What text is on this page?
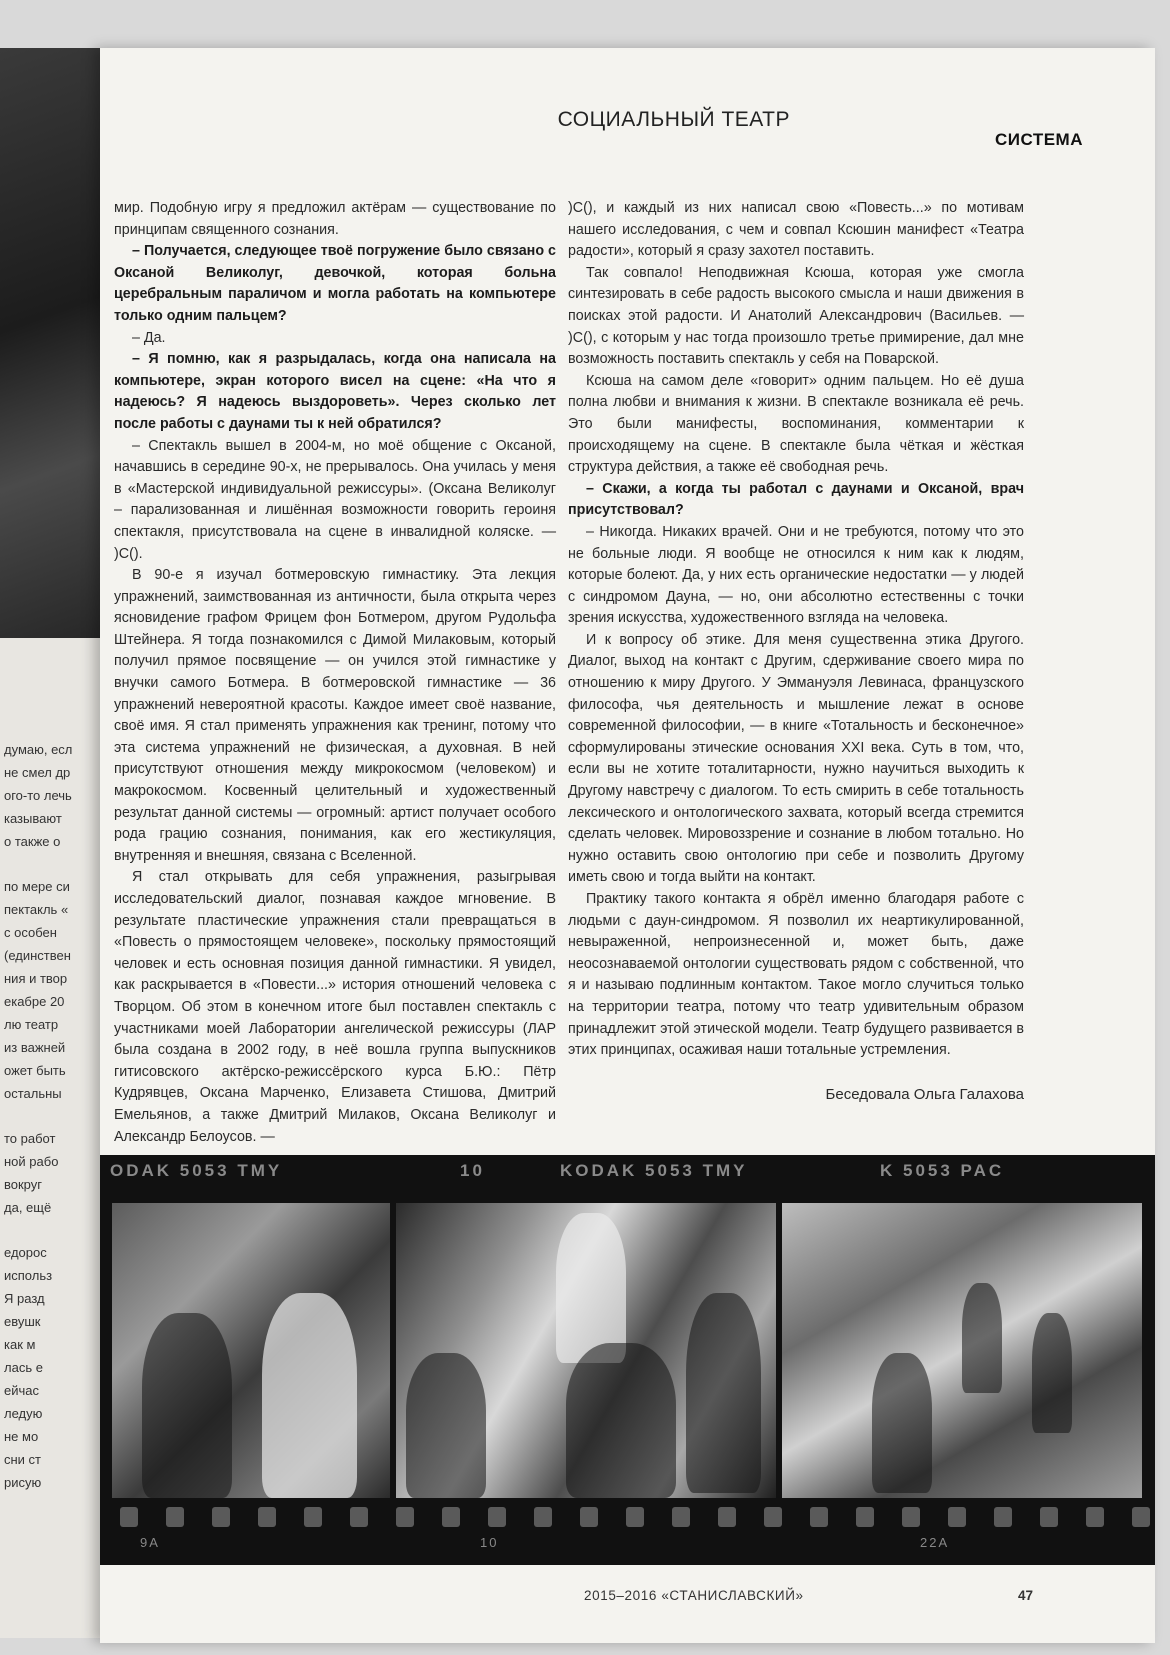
думаю, есл
не смел др
ого-то лечь
казывают
о также о
по мере си
пектакль «
с особен
(единствен
ния и твор
екабре 20
лю театр
из важней
ожет быть
остальны
то работ
ной рабо
вокруг
да, ещё
едорос
использ
Я разд
евушк
как м
лась е
ейчас
ледую
не мо
сни ст
рисую
СОЦИАЛЬНЫЙ ТЕАТР
СИСТЕМА

мир. Подобную игру я предложил актёрам — существование по принципам священного сознания.

– Получается, следующее твоё погружение было связано с Оксаной Великолуг, девочкой, которая больна церебральным параличом и могла работать на компьютере только одним пальцем?

– Да.

– Я помню, как я разрыдалась, когда она написала на компьютере, экран которого висел на сцене: «На что я надеюсь? Я надеюсь выздороветь». Через сколько лет после работы с даунами ты к ней обратился?

– Спектакль вышел в 2004-м, но моё общение с Оксаной, начавшись в середине 90-х, не прерывалось. Она училась у меня в «Мастерской индивидуальной режиссуры». (Оксана Великолуг – парализованная и лишённая возможности говорить героиня спектакля, присутствовала на сцене в инвалидной коляске. — )C().

В 90-е я изучал ботмеровскую гимнастику. Эта лекция упражнений, заимствованная из античности, была открыта через ясновидение графом Фрицем фон Ботмером, другом Рудольфа Штейнера. Я тогда познакомился с Димой Милаковым, который получил прямое посвящение — он учился этой гимнастике у внучки самого Ботмера. В ботмеровской гимнастике — 36 упражнений невероятной красоты. Каждое имеет своё название, своё имя. Я стал применять упражнения как тренинг, потому что эта система упражнений не физическая, а духовная. В ней присутствуют отношения между микрокосмом (человеком) и макрокосмом. Косвенный целительный и художественный результат данной системы — огромный: артист получает особого рода грацию сознания, понимания, как его жестикуляция, внутренняя и внешняя, связана с Вселенной.

Я стал открывать для себя упражнения, разыгрывая исследовательский диалог, познавая каждое мгновение. В результате пластические упражнения стали превращаться в «Повесть о прямостоящем человеке», поскольку прямостоящий человек и есть основная позиция данной гимнастики. Я увидел, как раскрывается в «Повести...» история отношений человека с Творцом. Об этом в конечном итоге был поставлен спектакль с участниками моей Лаборатории ангелической режиссуры (ЛАР была создана в 2002 году, в неё вошла группа выпускников гитисовского актёрско-режиссёрского курса Б.Ю.: Пётр Кудрявцев, Оксана Марченко, Елизавета Стишова, Дмитрий Емельянов, а также Дмитрий Милаков, Оксана Великолуг и Александр Белоусов. —

)C(), и каждый из них написал свою «Повесть...» по мотивам нашего исследования, с чем и совпал Ксюшин манифест «Театра радости», который я сразу захотел поставить.

Так совпало! Неподвижная Ксюша, которая уже смогла синтезировать в себе радость высокого смысла и наши движения в поисках этой радости. И Анатолий Александрович (Васильев. — )C(), с которым у нас тогда произошло третье примирение, дал мне возможность поставить спектакль у себя на Поварской.

Ксюша на самом деле «говорит» одним пальцем. Но её душа полна любви и внимания к жизни. В спектакле возникала её речь. Это были манифесты, воспоминания, комментарии к происходящему на сцене. В спектакле была чёткая и жёсткая структура действия, а также её свободная речь.

– Скажи, а когда ты работал с даунами и Оксаной, врач присутствовал?

– Никогда. Никаких врачей. Они и не требуются, потому что это не больные люди. Я вообще не относился к ним как к людям, которые болеют. Да, у них есть органические недостатки — у людей с синдромом Дауна, — но, они абсолютно естественны с точки зрения искусства, художественного взгляда на человека.

И к вопросу об этике. Для меня существенна этика Другого. Диалог, выход на контакт с Другим, сдерживание своего мира по отношению к миру Другого. У Эммануэля Левинаса, французского философа, чья деятельность и мышление лежат в основе современной философии, — в книге «Тотальность и бесконечное» сформулированы этические основания XXI века. Суть в том, что, если вы не хотите тоталитарности, нужно научиться выходить к Другому навстречу с диалогом. То есть смирить в себе тотальность лексического и онтологического захвата, который всегда стремится сделать человек. Мировоззрение и сознание в любом тотально. Но нужно оставить свою онтологию при себе и позволить Другому иметь свою и тогда выйти на контакт.

Практику такого контакта я обрёл именно благодаря работе с людьми с даун-синдромом. Я позволил их неартикулированной, невыраженной, непроизнесенной и, может быть, даже неосознаваемой онтологии существовать рядом с собственной, что я и называю подлинным контактом. Такое могло случиться только на территории театра, потому что театр удивительным образом принадлежит этой этической модели. Театр будущего развивается в этих принципах, осаживая наши тотальные устремления.

Беседовала Ольга Галахова

ODAK 5053 TMY	10	KODAK 5053 TMY	K 5053 PAC
9A	10	22A
2015–2016 «СТАНИСЛАВСКИЙ»	47
